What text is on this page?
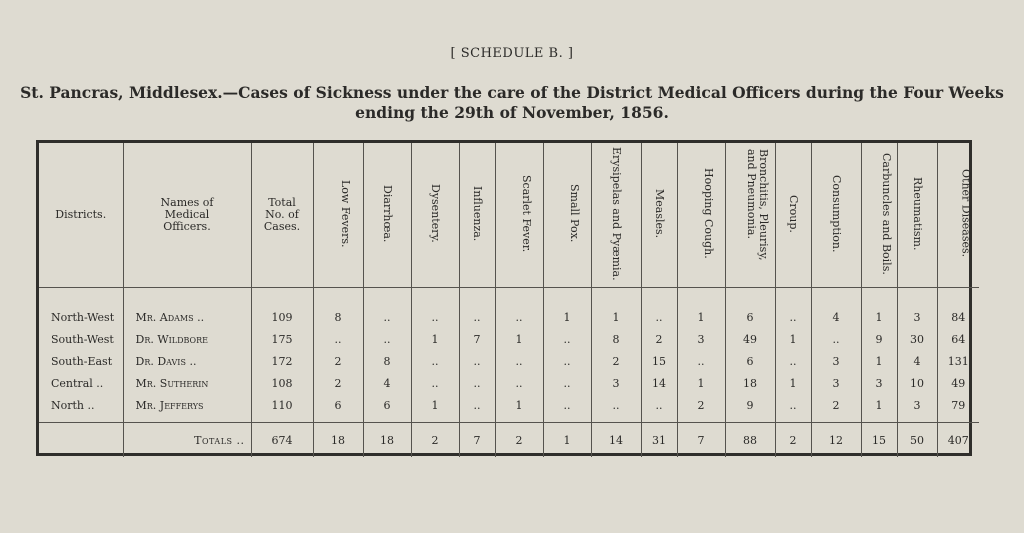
[ SCHEDULE B. ]
St. Pancras, Middlesex.—Cases of Sickness under the care of the District Medical Officers during the Four Weeks
ending the 29th of November, 1856.
Districts.	Names of Medical Officers.	Total No. of Cases.	Low Fevers.	Diarrhœa.	Dysentery.	Influenza.	Scarlet Fever.	Small Pox.	Erysipelas and Pyæmia.	Measles.	Hooping Cough.	Bronchitis, Pleurisy, and Pneumonia.	Croup.	Consumption.	Carbuncles and Boils.	Rheumatism.	Other Diseases.

North-West	Mr. Adams ..	109	8	..	..	..	..	1	1	..	1	6	..	4	1	3	84
South-West	Dr. Wildbore	175	..	..	1	7	1	..	8	2	3	49	1	..	9	30	64
South-East	Dr. Davis ..	172	2	8	..	..	..	..	2	15	..	6	..	3	1	4	131
Central ..	Mr. Sutherin	108	2	4	..	..	..	..	3	14	1	18	1	3	3	10	49
North ..	Mr. Jefferys	110	6	6	1	..	1	..	..	..	2	9	..	2	1	3	79

	Totals ..	674	18	18	2	7	2	1	14	31	7	88	2	12	15	50	407
